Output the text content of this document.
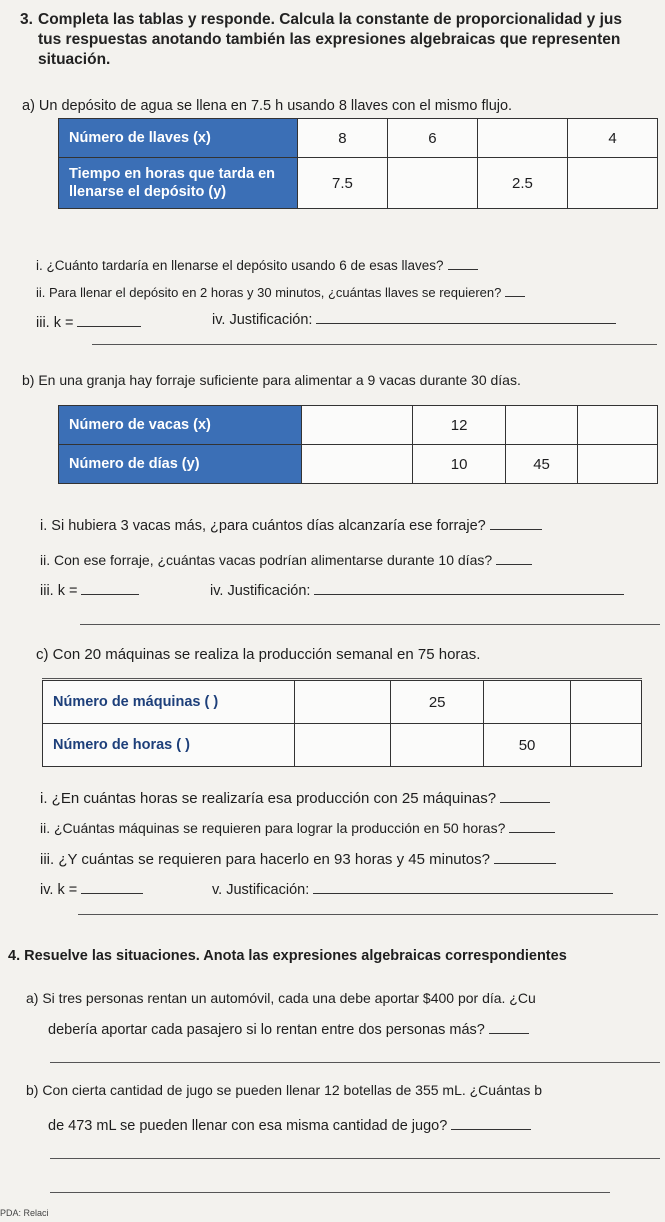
3. Completa las tablas y responde. Calcula la constante de proporcionalidad y jus
tus respuestas anotando también las expresiones algebraicas que representen
situación.
a) Un depósito de agua se llena en 7.5 h usando 8 llaves con el mismo flujo.
Número de llaves (x)	8	6		4
Tiempo en horas que tarda en llenarse el depósito (y)	7.5		2.5	
i. ¿Cuánto tardaría en llenarse el depósito usando 6 de esas llaves?
ii. Para llenar el depósito en 2 horas y 30 minutos, ¿cuántas llaves se requieren?
iii. k =	iv. Justificación:
b) En una granja hay forraje suficiente para alimentar a 9 vacas durante 30 días.
Número de vacas (x)		12		
Número de días (y)		10	45	
i. Si hubiera 3 vacas más, ¿para cuántos días alcanzaría ese forraje?
ii. Con ese forraje, ¿cuántas vacas podrían alimentarse durante 10 días?
iii. k =	iv. Justificación:
c) Con 20 máquinas se realiza la producción semanal en 75 horas.
Número de máquinas ( )		25		
Número de horas ( )			50	
i. ¿En cuántas horas se realizaría esa producción con 25 máquinas?
ii. ¿Cuántas máquinas se requieren para lograr la producción en 50 horas?
iii. ¿Y cuántas se requieren para hacerlo en 93 horas y 45 minutos?
iv. k =	v. Justificación:
4. Resuelve las situaciones. Anota las expresiones algebraicas correspondientes
a) Si tres personas rentan un automóvil, cada una debe aportar $400 por día. ¿Cu
debería aportar cada pasajero si lo rentan entre dos personas más?
b) Con cierta cantidad de jugo se pueden llenar 12 botellas de 355 mL. ¿Cuántas b
de 473 mL se pueden llenar con esa misma cantidad de jugo?
PDA: Relaci
